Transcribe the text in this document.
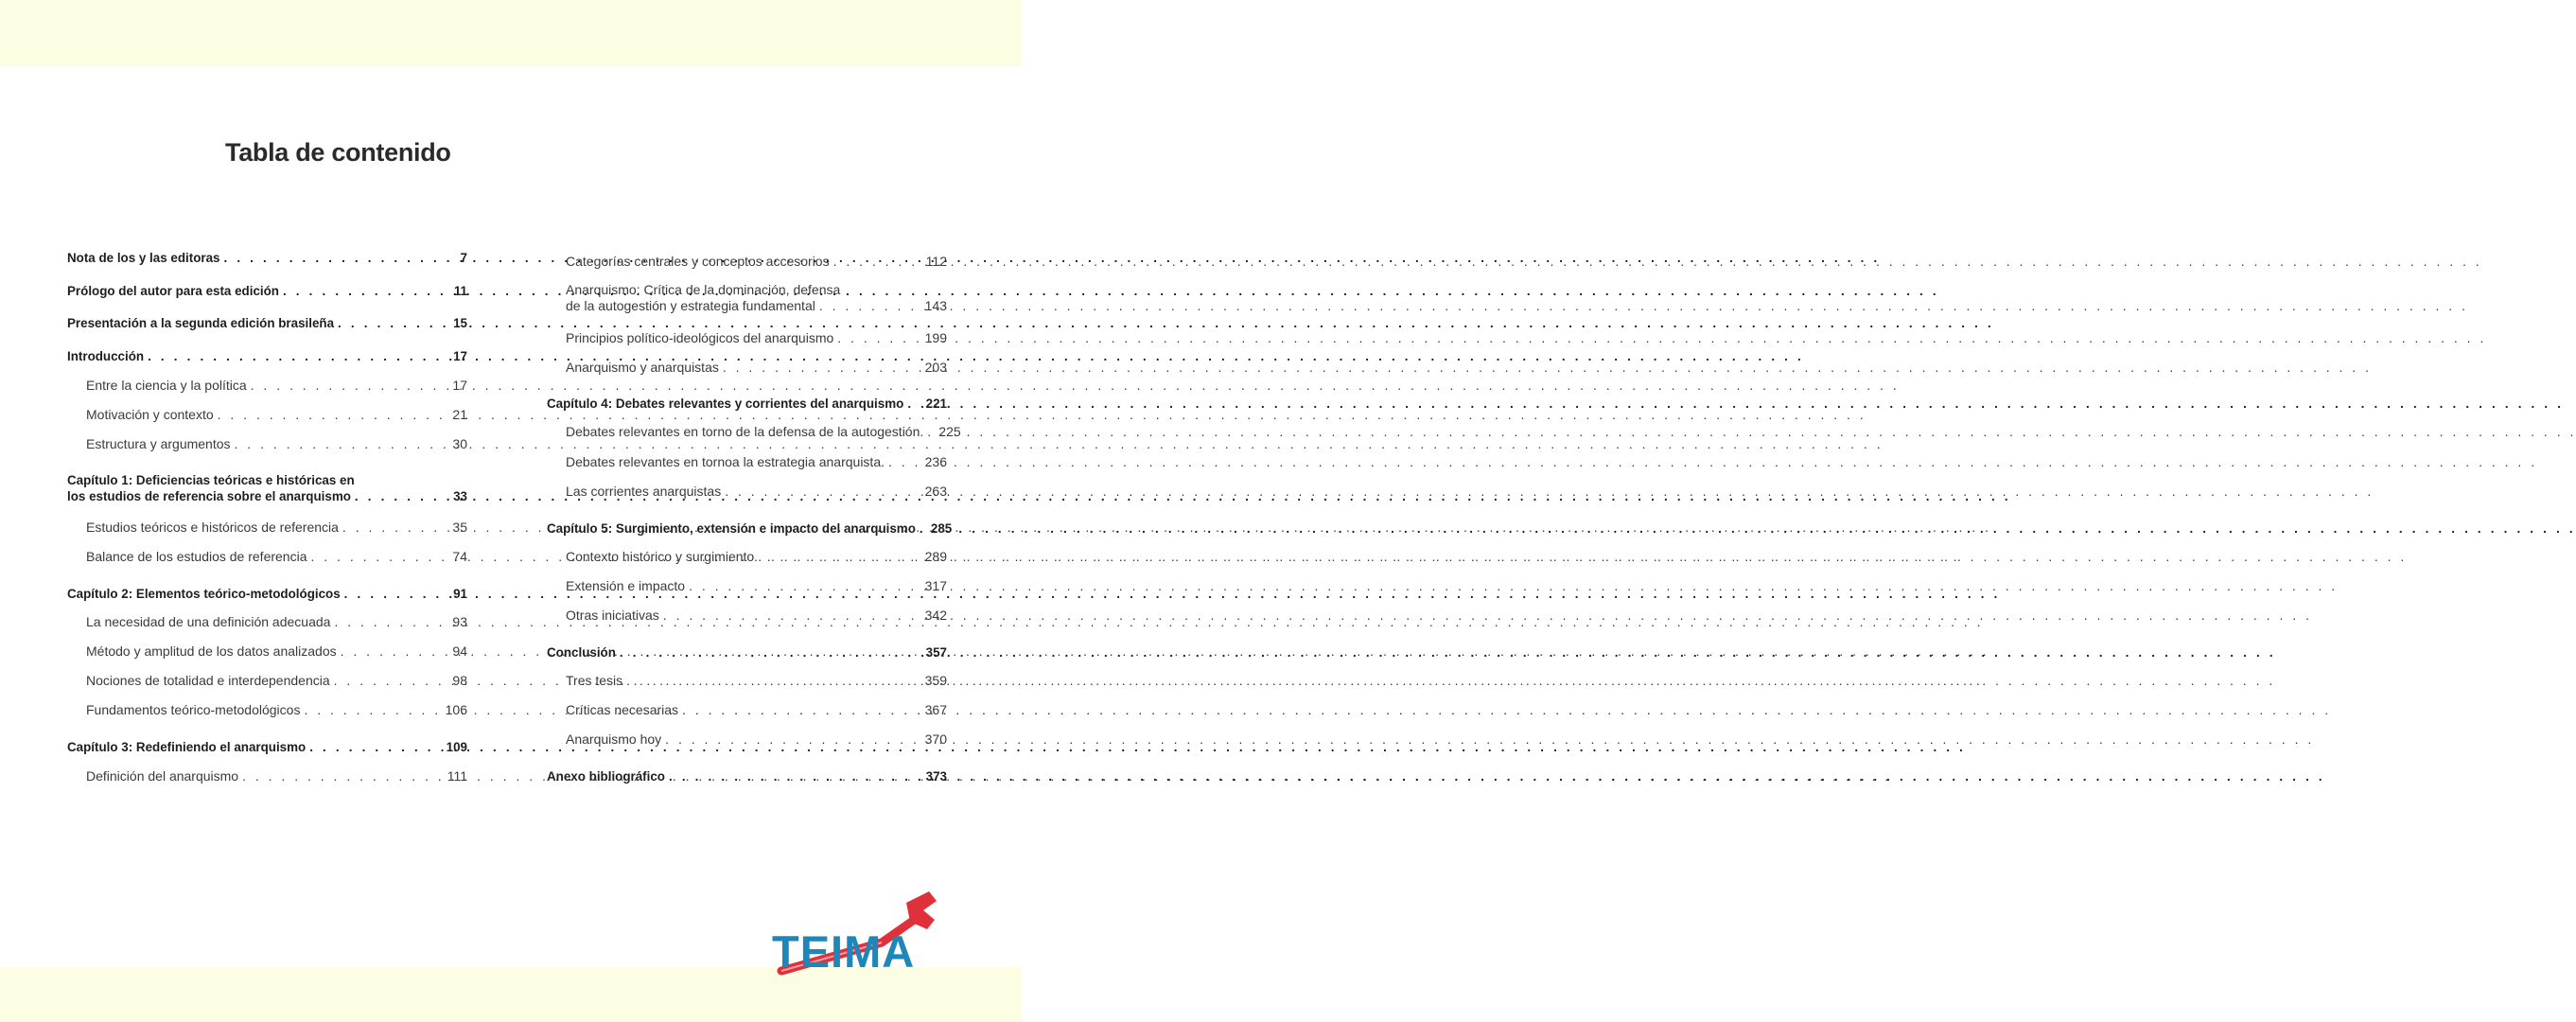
Tabla de contenido
Nota de los y las editoras . . .	7
Prólogo del autor para esta edición . . .	11
Presentación a la segunda edición brasileña . . .	15
Introducción . . .	17
Entre la ciencia y la política . . .	17
Motivación y contexto . . .	21
Estructura y argumentos . . .	30
Capítulo 1: Deficiencias teóricas e históricas en
los estudios de referencia sobre el anarquismo . . .	33
Estudios teóricos e históricos de referencia . . .	35
Balance de los estudios de referencia . . .	74
Capítulo 2: Elementos teórico-metodológicos . . .	91
La necesidad de una definición adecuada . . .	93
Método y amplitud de los datos analizados . . .	94
Nociones de totalidad e interdependencia . . .	98
Fundamentos teórico-metodológicos . . .	106
Capítulo 3: Redefiniendo el anarquismo . . .	109
Definición del anarquismo . . .	111
Categorías centrales y conceptos accesorios . . .	112
Anarquismo: Crítica de la dominación, defensa
de la autogestión y estrategia fundamental . . .	143
Principios político-ideológicos del anarquismo . . .	199
Anarquismo y anarquistas . . .	203
Capítulo 4: Debates relevantes y corrientes del anarquismo . . . 221
Debates relevantes en torno de la defensa de la autogestión. . . . 225
Debates relevantes en tornoa la estrategia anarquista. . . .	236
Las corrientes anarquistas . . .	263
Capítulo 5: Surgimiento, extensión e impacto del anarquismo . . . 285
Contexto histórico y surgimiento . . .	289
Extensión e impacto . . .	317
Otras iniciativas . . .	342
Conclusión . . .	357
Tres tesis . . .	359
Críticas necesarias . . .	367
Anarquismo hoy . . .	370
Anexo bibliográfico . . .	373
TEIMA
